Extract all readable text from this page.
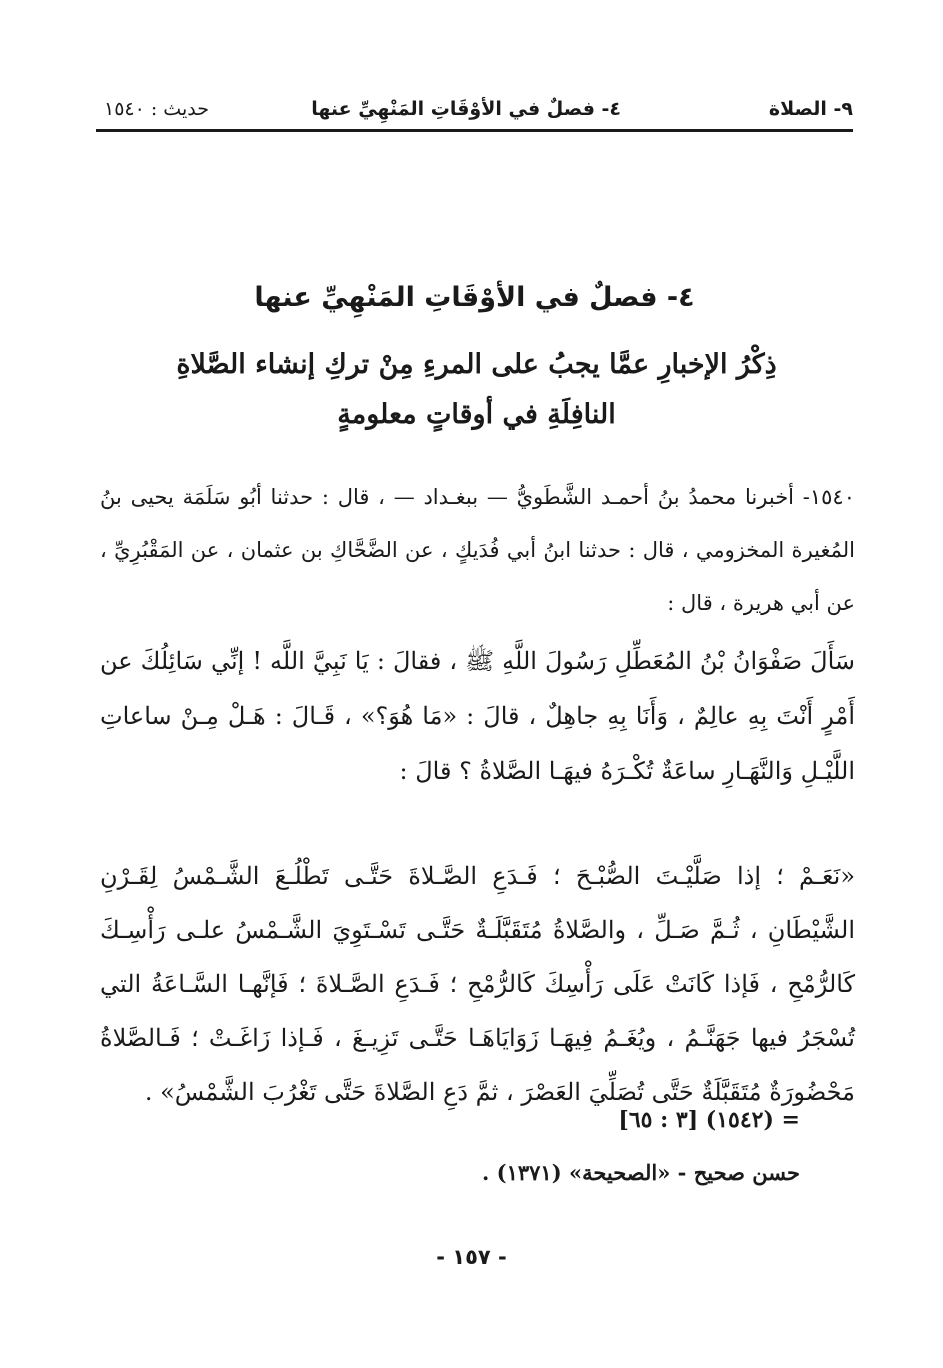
٩- الصلاة
٤- فصلٌ في الأوْقَاتِ المَنْهِيِّ عنها
حديث : ١٥٤٠
٤- فصلٌ في الأوْقَاتِ المَنْهِيِّ عنها
ذِكْرُ الإخبارِ عمَّا يجبُ على المرءِ مِنْ تركِ إنشاء الصَّلاةِ النافِلَةِ في أوقاتٍ معلومةٍ

١٥٤٠- أخبرنا محمدُ بنُ أحمـد الشَّطَويُّ — ببغـداد — ، قال : حدثنا أبُو سَلَمَة يحيى بنُ المُغيرة المخزومي ، قال : حدثنا ابنُ أبي فُدَيكٍ ، عن الضَّحَّاكِ بن عثمان ، عن المَقْبُرِيِّ ، عن أبي هريرة ، قال :

سَأَلَ صَفْوَانُ بْنُ المُعَطِّلِ رَسُولَ اللَّهِ ﷺ ، فقالَ : يَا نَبِيَّ اللَّه ! إنِّي سَائِلُكَ عن أَمْرٍ أَنْتَ بِهِ عالِمٌ ، وَأَنَا بِهِ جاهِلٌ ، قالَ : «مَا هُوَ؟» ، قَـالَ : هَـلْ مِـنْ ساعاتِ اللَّيْـلِ وَالنَّهَـارِ ساعَةٌ تُكْـرَهُ فيهَـا الصَّلاةُ ؟ قالَ :

«نَعَـمْ ؛ إذا صَلَّيْـتَ الصُّبْـحَ ؛ فَـدَعِ الصَّـلاةَ حَتَّـى تَطْلُـعَ الشَّـمْسُ لِقَـرْنِ الشَّيْطَانِ ، ثُـمَّ صَـلِّ ، والصَّلاةُ مُتَقَبَّلَـةٌ حَتَّـى تَسْـتَوِيَ الشَّـمْسُ علـى رَأْسِـكَ كَالرُّمْحِ ، فَإذا كَانَتْ عَلَى رَأْسِكَ كَالرُّمْحِ ؛ فَـدَعِ الصَّـلاةَ ؛ فَإنَّهـا السَّـاعَةُ التي تُسْجَرُ فيها جَهَنَّـمُ ، ويُغَـمُ فِيهَـا زَوَايَاهَـا حَتَّـى تَزِيـغَ ، فَـإذا زَاغَـتْ ؛ فَـالصَّلاةُ مَحْضُورَةٌ مُتَقَبَّلَةٌ حَتَّى تُصَلِّيَ العَصْرَ ، ثمَّ دَعِ الصَّلاةَ حَتَّى تَغْرُبَ الشَّمْسُ» .

= (١٥٤٢) [٣ : ٦٥]
حسن صحيح - «الصحيحة» (١٣٧١) .
- ١٥٧ -
